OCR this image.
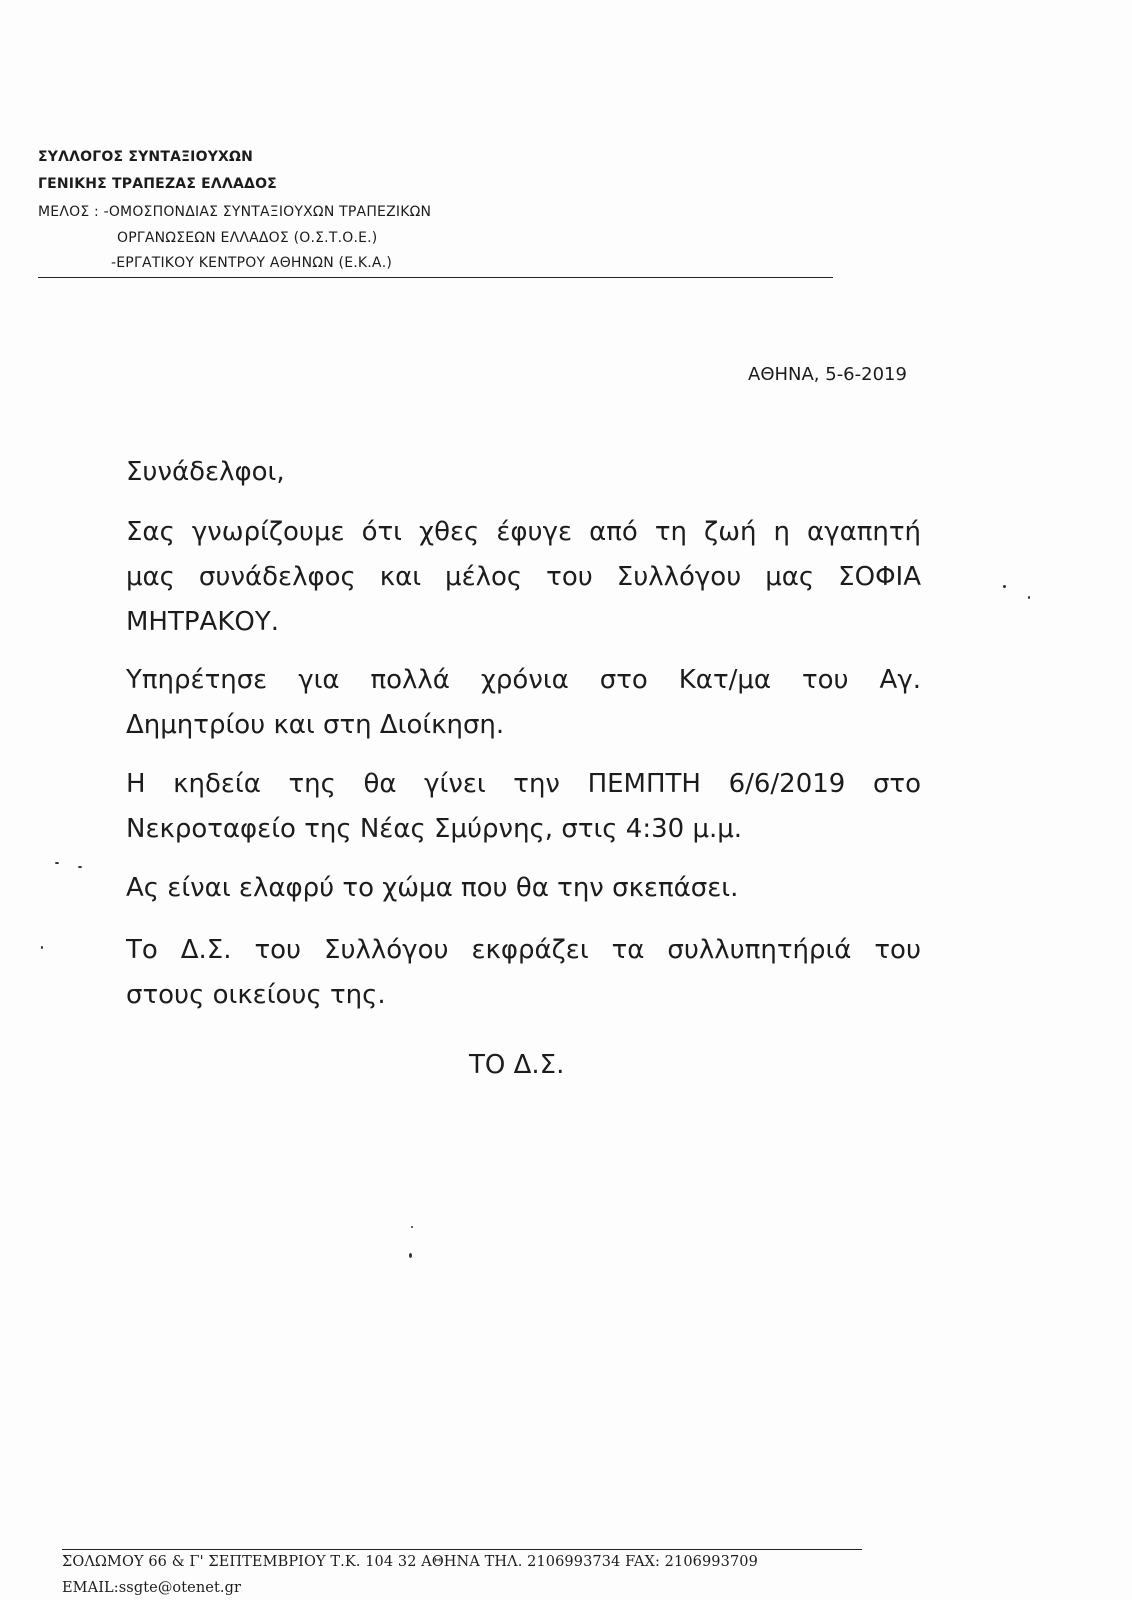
ΣΥΛΛΟΓΟΣ ΣΥΝΤΑΞΙΟΥΧΩΝ
ΓΕΝΙΚΗΣ ΤΡΑΠΕΖΑΣ ΕΛΛΑΔΟΣ
ΜΕΛΟΣ : -ΟΜΟΣΠΟΝΔΙΑΣ ΣΥΝΤΑΞΙΟΥΧΩΝ ΤΡΑΠΕΖΙΚΩΝ
ΟΡΓΑΝΩΣΕΩΝ ΕΛΛΑΔΟΣ (Ο.Σ.Τ.Ο.Ε.)
-ΕΡΓΑΤΙΚΟΥ ΚΕΝΤΡΟΥ ΑΘΗΝΩΝ (Ε.Κ.Α.)
ΑΘΗΝΑ, 5-6-2019

Συνάδελφοι,

Σας γνωρίζουμε ότι χθες έφυγε από τη ζωή η αγαπητή
μας συνάδελφος και μέλος του Συλλόγου μας ΣΟΦΙΑ
ΜΗΤΡΑΚΟΥ.

Υπηρέτησε για πολλά χρόνια στο Κατ/μα του Αγ.
Δημητρίου και στη Διοίκηση.

Η κηδεία της θα γίνει την ΠΕΜΠΤΗ 6/6/2019 στο
Νεκροταφείο της Νέας Σμύρνης, στις 4:30 μ.μ.

Ας είναι ελαφρύ το χώμα που θα την σκεπάσει.

Το Δ.Σ. του Συλλόγου εκφράζει τα συλλυπητήριά του
στους οικείους της.

ΤΟ Δ.Σ.
ΣΟΛΩΜΟΥ 66 & Γ' ΣΕΠΤΕΜΒΡΙΟΥ Τ.Κ. 104 32 ΑΘΗΝΑ ΤΗΛ. 2106993734 FAX: 2106993709
EMAIL:ssgte@otenet.gr
